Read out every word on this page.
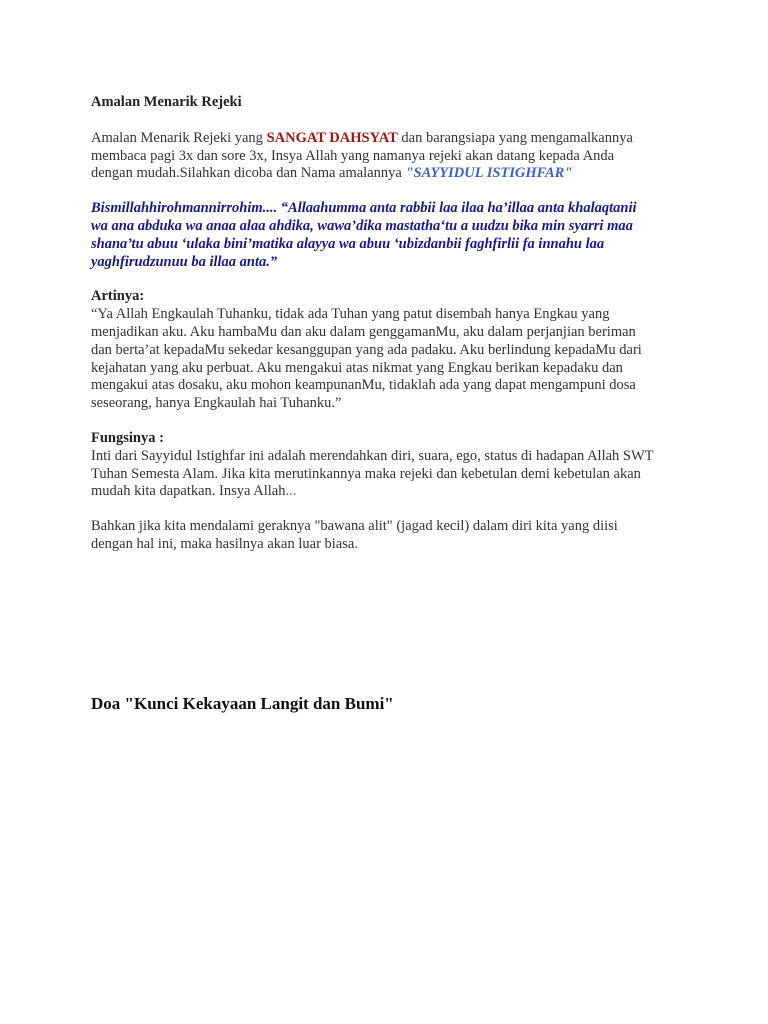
Amalan Menarik Rejeki
Amalan Menarik Rejeki yang SANGAT DAHSYAT dan barangsiapa yang mengamalkannya
membaca pagi 3x dan sore 3x, Insya Allah yang namanya rejeki akan datang kepada Anda
dengan mudah.Silahkan dicoba dan Nama amalannya "SAYYIDUL ISTIGHFAR"
Bismillahhirohmannirrohim.... “Allaahumma anta rabbii laa ilaa ha’illaa anta khalaqtanii
wa ana abduka wa anaa alaa ahdika, wawa’dika mastatha‘tu a uudzu bika min syarri maa
shana’tu abuu ‘ulaka bini’matika alayya wa abuu ‘ubizdanbii faghfirlii fa innahu laa
yaghfirudzunuu ba illaa anta.”
Artinya:
“Ya Allah Engkaulah Tuhanku, tidak ada Tuhan yang patut disembah hanya Engkau yang
menjadikan aku. Aku hambaMu dan aku dalam genggamanMu, aku dalam perjanjian beriman
dan berta’at kepadaMu sekedar kesanggupan yang ada padaku. Aku berlindung kepadaMu dari
kejahatan yang aku perbuat. Aku mengakui atas nikmat yang Engkau berikan kepadaku dan
mengakui atas dosaku, aku mohon keampunanMu, tidaklah ada yang dapat mengampuni dosa
seseorang, hanya Engkaulah hai Tuhanku.”
Fungsinya :
Inti dari Sayyidul Istighfar ini adalah merendahkan diri, suara, ego, status di hadapan Allah SWT
Tuhan Semesta Alam. Jika kita merutinkannya maka rejeki dan kebetulan demi kebetulan akan
mudah kita dapatkan. Insya Allah...
Bahkan jika kita mendalami geraknya "bawana alit" (jagad kecil) dalam diri kita yang diisi
dengan hal ini, maka hasilnya akan luar biasa.
Doa "Kunci Kekayaan Langit dan Bumi"
